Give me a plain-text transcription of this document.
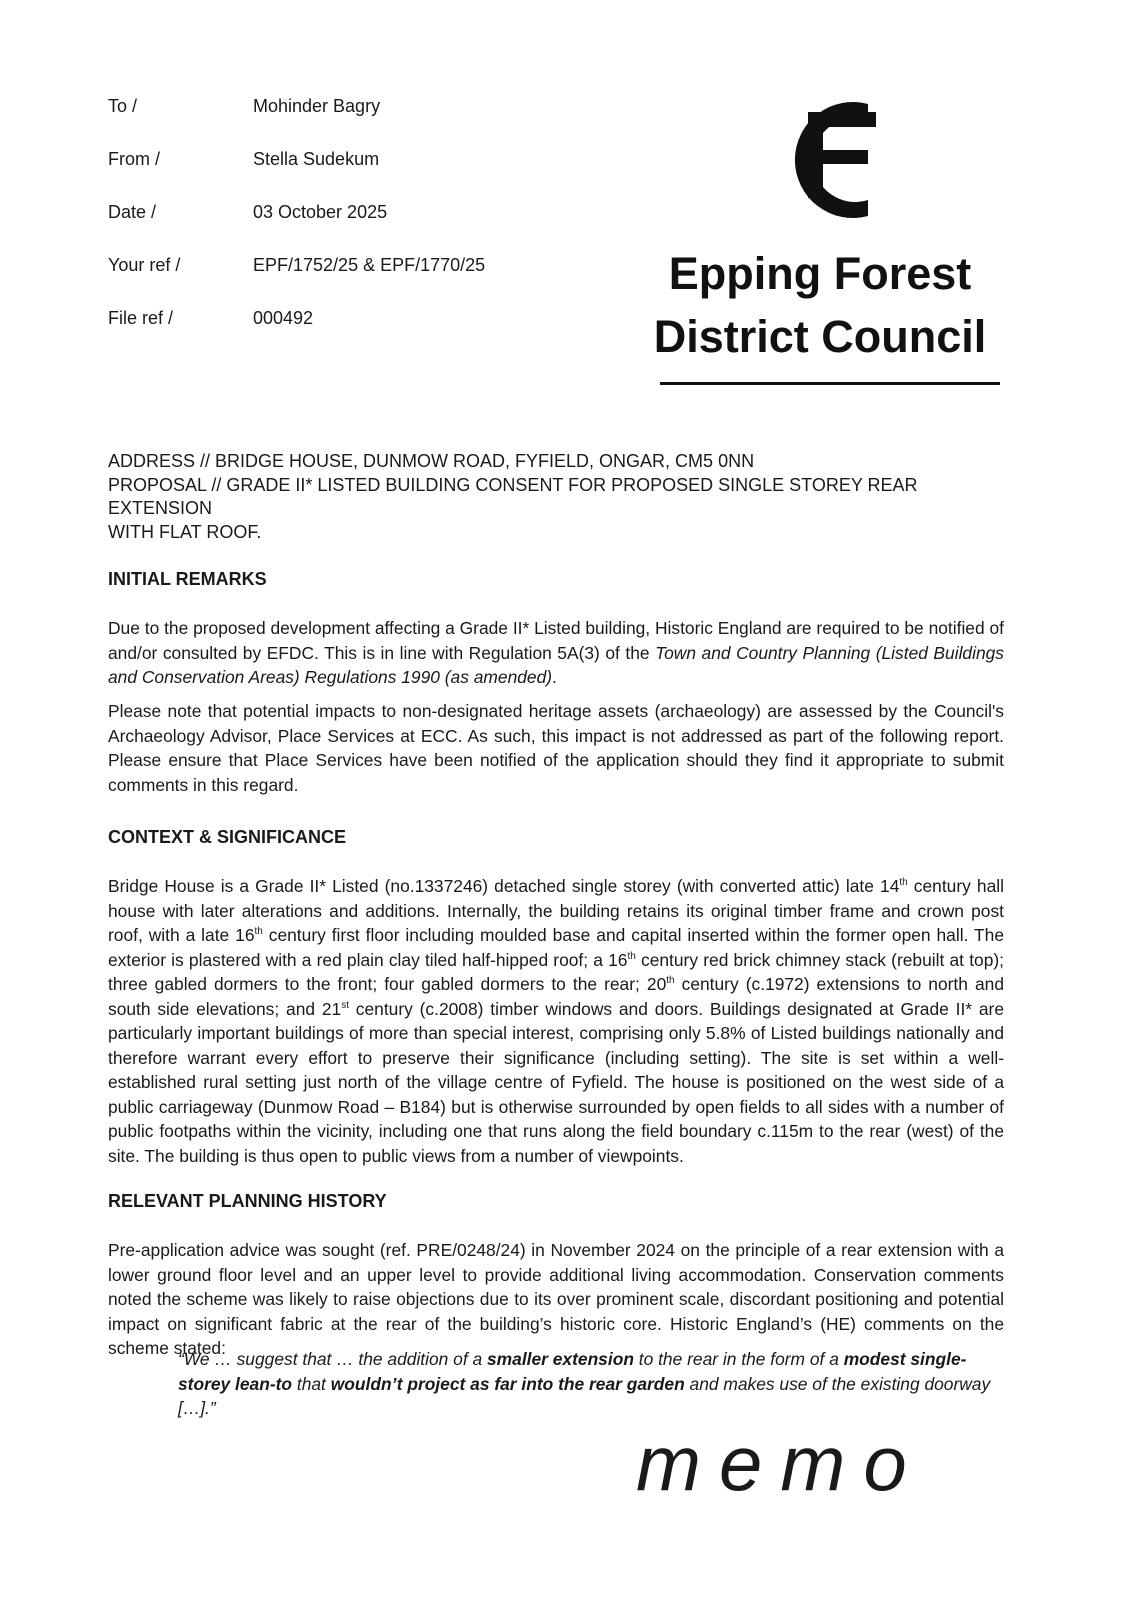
To /	Mohinder Bagry
From /	Stella Sudekum
Date /	03 October 2025
Your ref /	EPF/1752/25 & EPF/1770/25
File ref /	000492
Epping Forest
District Council
ADDRESS // BRIDGE HOUSE, DUNMOW ROAD, FYFIELD, ONGAR, CM5 0NN
PROPOSAL // GRADE II* LISTED BUILDING CONSENT FOR PROPOSED SINGLE STOREY REAR EXTENSION
WITH FLAT ROOF.
INITIAL REMARKS
Due to the proposed development affecting a Grade II* Listed building, Historic England are required to be notified of and/or consulted by EFDC. This is in line with Regulation 5A(3) of the Town and Country Planning (Listed Buildings and Conservation Areas) Regulations 1990 (as amended).
Please note that potential impacts to non-designated heritage assets (archaeology) are assessed by the Council's Archaeology Advisor, Place Services at ECC. As such, this impact is not addressed as part of the following report. Please ensure that Place Services have been notified of the application should they find it appropriate to submit comments in this regard.
CONTEXT & SIGNIFICANCE
Bridge House is a Grade II* Listed (no.1337246) detached single storey (with converted attic) late 14th century hall house with later alterations and additions. Internally, the building retains its original timber frame and crown post roof, with a late 16th century first floor including moulded base and capital inserted within the former open hall. The exterior is plastered with a red plain clay tiled half-hipped roof; a 16th century red brick chimney stack (rebuilt at top); three gabled dormers to the front; four gabled dormers to the rear; 20th century (c.1972) extensions to north and south side elevations; and 21st century (c.2008) timber windows and doors. Buildings designated at Grade II* are particularly important buildings of more than special interest, comprising only 5.8% of Listed buildings nationally and therefore warrant every effort to preserve their significance (including setting). The site is set within a well-established rural setting just north of the village centre of Fyfield. The house is positioned on the west side of a public carriageway (Dunmow Road – B184) but is otherwise surrounded by open fields to all sides with a number of public footpaths within the vicinity, including one that runs along the field boundary c.115m to the rear (west) of the site. The building is thus open to public views from a number of viewpoints.
RELEVANT PLANNING HISTORY
Pre-application advice was sought (ref. PRE/0248/24) in November 2024 on the principle of a rear extension with a lower ground floor level and an upper level to provide additional living accommodation. Conservation comments noted the scheme was likely to raise objections due to its over prominent scale, discordant positioning and potential impact on significant fabric at the rear of the building’s historic core. Historic England’s (HE) comments on the scheme stated:
“We … suggest that … the addition of a smaller extension to the rear in the form of a modest single-storey lean-to that wouldn’t project as far into the rear garden and makes use of the existing doorway […].”
memo
